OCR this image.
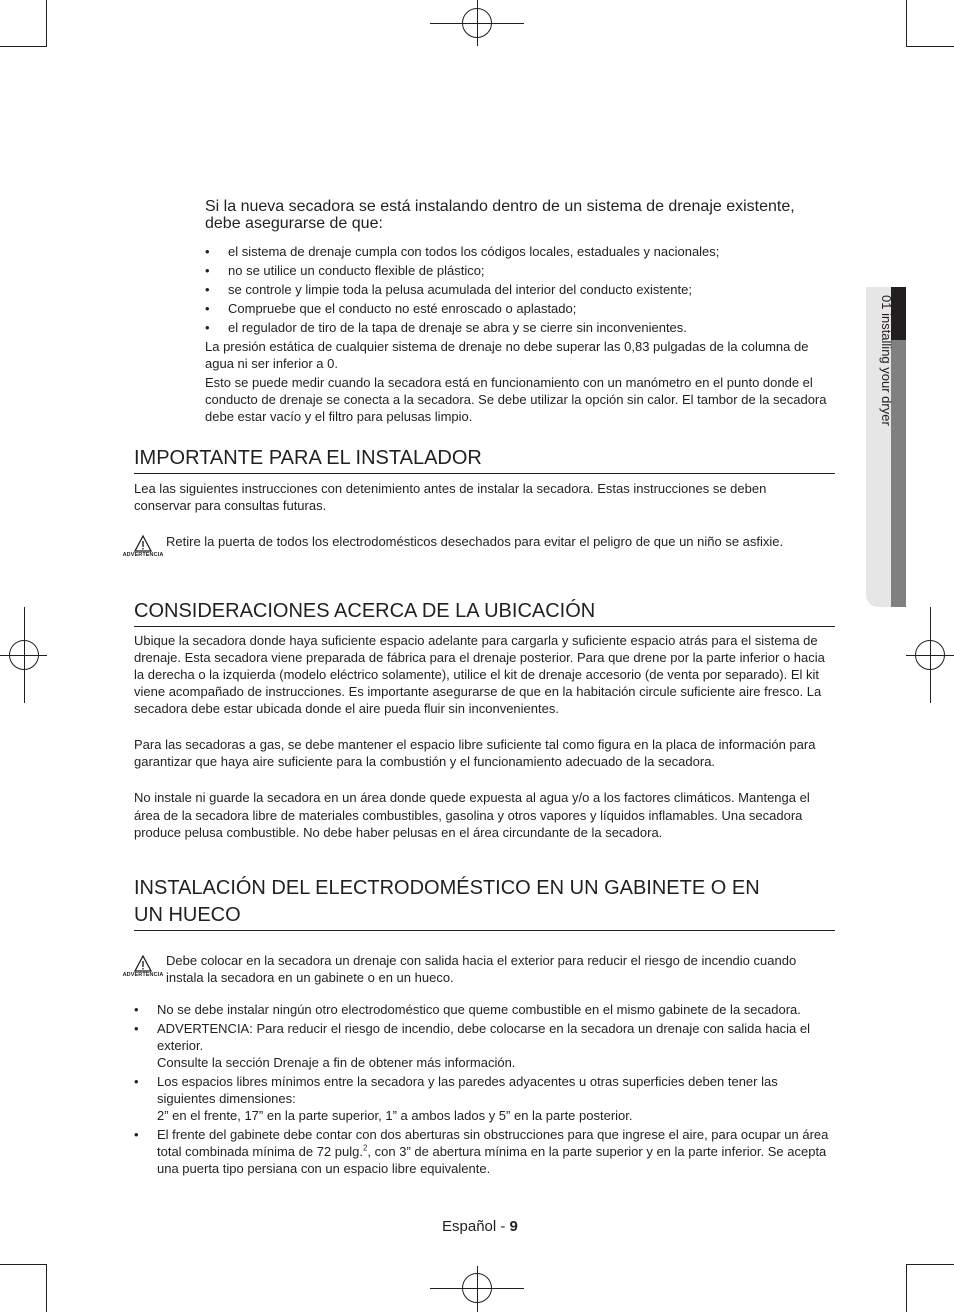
01 installing your dryer
Si la nueva secadora se está instalando dentro de un sistema de drenaje existente, debe asegurarse de que:
• el sistema de drenaje cumpla con todos los códigos locales, estaduales y nacionales;
• no se utilice un conducto flexible de plástico;
• se controle y limpie toda la pelusa acumulada del interior del conducto existente;
• Compruebe que el conducto no esté enroscado o aplastado;
• el regulador de tiro de la tapa de drenaje se abra y se cierre sin inconvenientes.

La presión estática de cualquier sistema de drenaje no debe superar las 0,83 pulgadas de la columna de agua ni ser inferior a 0.

Esto se puede medir cuando la secadora está en funcionamiento con un manómetro en el punto donde el conducto de drenaje se conecta a la secadora. Se debe utilizar la opción sin calor. El tambor de la secadora debe estar vacío y el filtro para pelusas limpio.

IMPORTANTE PARA EL INSTALADOR

Lea las siguientes instrucciones con detenimiento antes de instalar la secadora. Estas instrucciones se deben conservar para consultas futuras.

ADVERTENCIA

Retire la puerta de todos los electrodomésticos desechados para evitar el peligro de que un niño se asfixie.

CONSIDERACIONES ACERCA DE LA UBICACIÓN

Ubique la secadora donde haya suficiente espacio adelante para cargarla y suficiente espacio atrás para el sistema de drenaje. Esta secadora viene preparada de fábrica para el drenaje posterior. Para que drene por la parte inferior o hacia la derecha o la izquierda (modelo eléctrico solamente), utilice el kit de drenaje accesorio (de venta por separado). El kit viene acompañado de instrucciones. Es importante asegurarse de que en la habitación circule suficiente aire fresco. La secadora debe estar ubicada donde el aire pueda fluir sin inconvenientes.

Para las secadoras a gas, se debe mantener el espacio libre suficiente tal como figura en la placa de información para garantizar que haya aire suficiente para la combustión y el funcionamiento adecuado de la secadora.

No instale ni guarde la secadora en un área donde quede expuesta al agua y/o a los factores climáticos. Mantenga el área de la secadora libre de materiales combustibles, gasolina y otros vapores y líquidos inflamables. Una secadora produce pelusa combustible. No debe haber pelusas en el área circundante de la secadora.

INSTALACIÓN DEL ELECTRODOMÉSTICO EN UN GABINETE O EN
UN HUECO
ADVERTENCIA

Debe colocar en la secadora un drenaje con salida hacia el exterior para reducir el riesgo de incendio cuando instala la secadora en un gabinete o en un hueco.

• No se debe instalar ningún otro electrodoméstico que queme combustible en el mismo gabinete de la secadora.
• ADVERTENCIA: Para reducir el riesgo de incendio, debe colocarse en la secadora un drenaje con salida hacia el exterior.
Consulte la sección Drenaje a fin de obtener más información.
• Los espacios libres mínimos entre la secadora y las paredes adyacentes u otras superficies deben tener las siguientes dimensiones:
2” en el frente, 17” en la parte superior, 1” a ambos lados y 5” en la parte posterior.
• El frente del gabinete debe contar con dos aberturas sin obstrucciones para que ingrese el aire, para ocupar un área total combinada mínima de 72 pulg.$^2$, con 3” de abertura mínima en la parte superior y en la parte inferior. Se acepta una puerta tipo persiana con un espacio libre equivalente.
Español - 9
